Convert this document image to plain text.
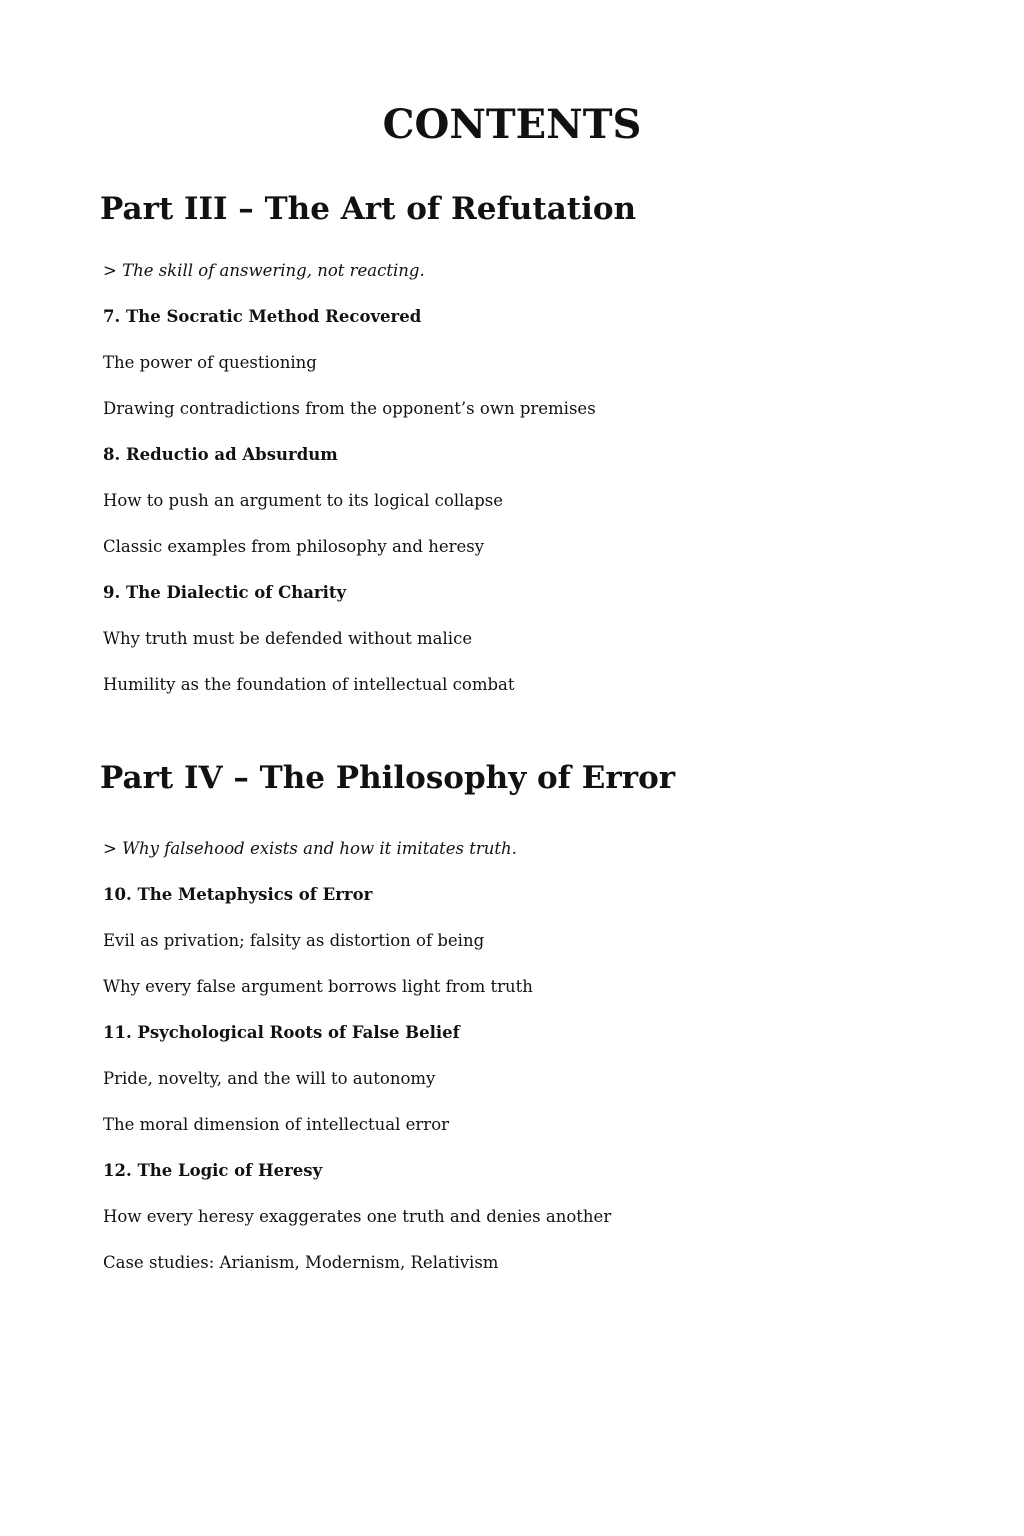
CONTENTS
Part III – The Art of Refutation

> The skill of answering, not reacting.

7. The Socratic Method Recovered

The power of questioning

Drawing contradictions from the opponent’s own premises

8. Reductio ad Absurdum

How to push an argument to its logical collapse

Classic examples from philosophy and heresy

9. The Dialectic of Charity

Why truth must be defended without malice

Humility as the foundation of intellectual combat

Part IV – The Philosophy of Error

> Why falsehood exists and how it imitates truth.

10. The Metaphysics of Error

Evil as privation; falsity as distortion of being

Why every false argument borrows light from truth

11. Psychological Roots of False Belief

Pride, novelty, and the will to autonomy

The moral dimension of intellectual error

12. The Logic of Heresy

How every heresy exaggerates one truth and denies another

Case studies: Arianism, Modernism, Relativism
